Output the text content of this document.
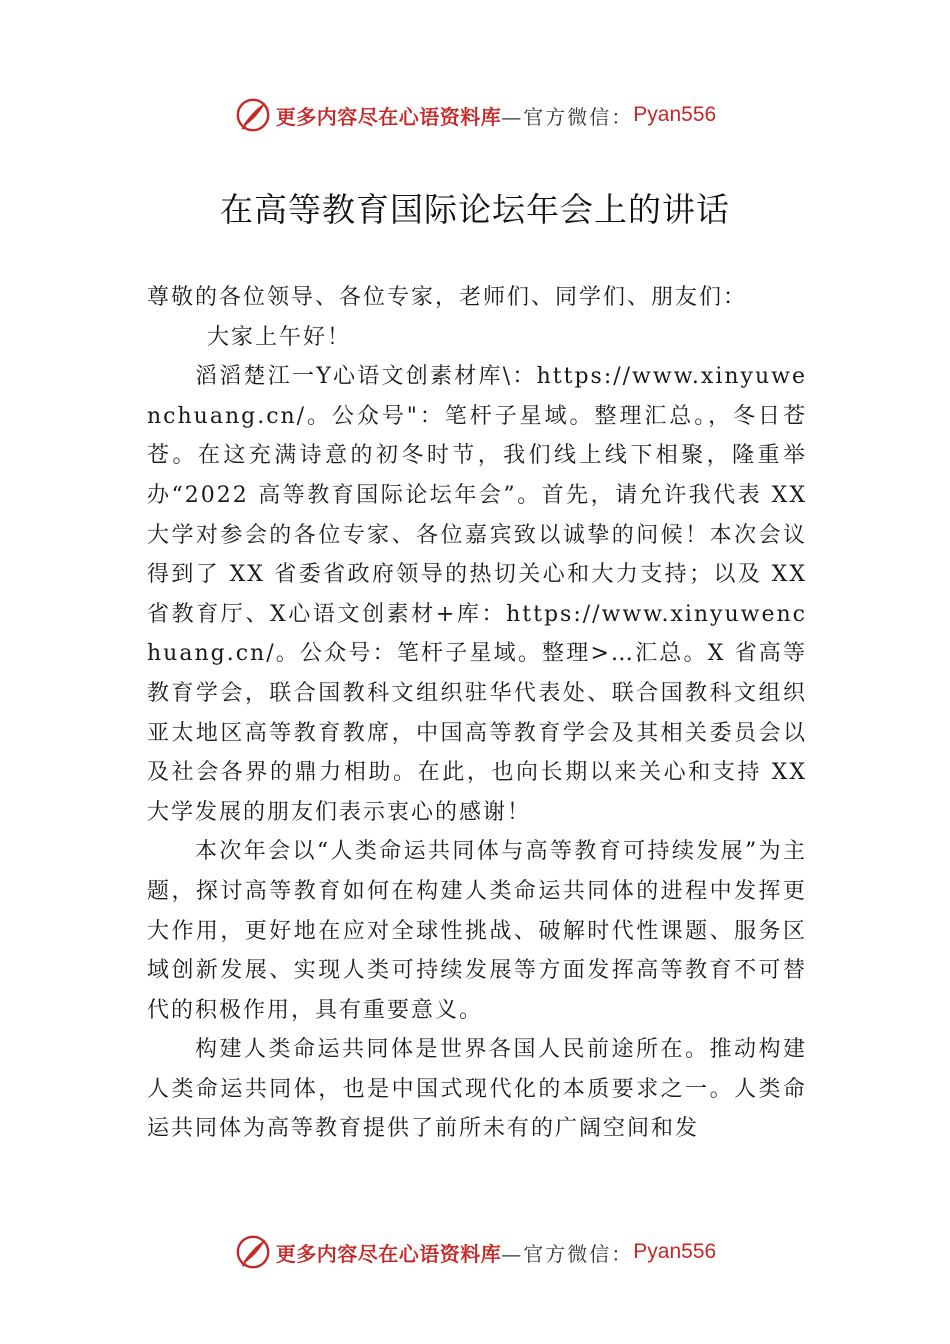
更多内容尽在心语资料库 —官方微信： Pyan556
在高等教育国际论坛年会上的讲话

尊敬的各位领导、各位专家，老师们、同学们、朋友们：

大家上午好！

滔滔楚江一Y心语文创素材库\：https://www.xinyuwenchuang.cn/。公众号"：笔杆子星域。整理汇总。，冬日苍苍。在这充满诗意的初冬时节，我们线上线下相聚，隆重举办“2022 高等教育国际论坛年会”。首先，请允许我代表 XX 大学对参会的各位专家、各位嘉宾致以诚挚的问候！本次会议得到了 XX 省委省政府领导的热切关心和大力支持；以及 XX 省教育厅、X心语文创素材+库：https://www.xinyuwenchuang.cn/。公众号：笔杆子星域。整理>…汇总。X 省高等教育学会，联合国教科文组织驻华代表处、联合国教科文组织亚太地区高等教育教席，中国高等教育学会及其相关委员会以及社会各界的鼎力相助。在此，也向长期以来关心和支持 XX 大学发展的朋友们表示衷心的感谢！

本次年会以“人类命运共同体与高等教育可持续发展”为主题，探讨高等教育如何在构建人类命运共同体的进程中发挥更大作用，更好地在应对全球性挑战、破解时代性课题、服务区域创新发展、实现人类可持续发展等方面发挥高等教育不可替代的积极作用，具有重要意义。

构建人类命运共同体是世界各国人民前途所在。推动构建人类命运共同体，也是中国式现代化的本质要求之一。人类命运共同体为高等教育提供了前所未有的广阔空间和发

更多内容尽在心语资料库 —官方微信： Pyan556
